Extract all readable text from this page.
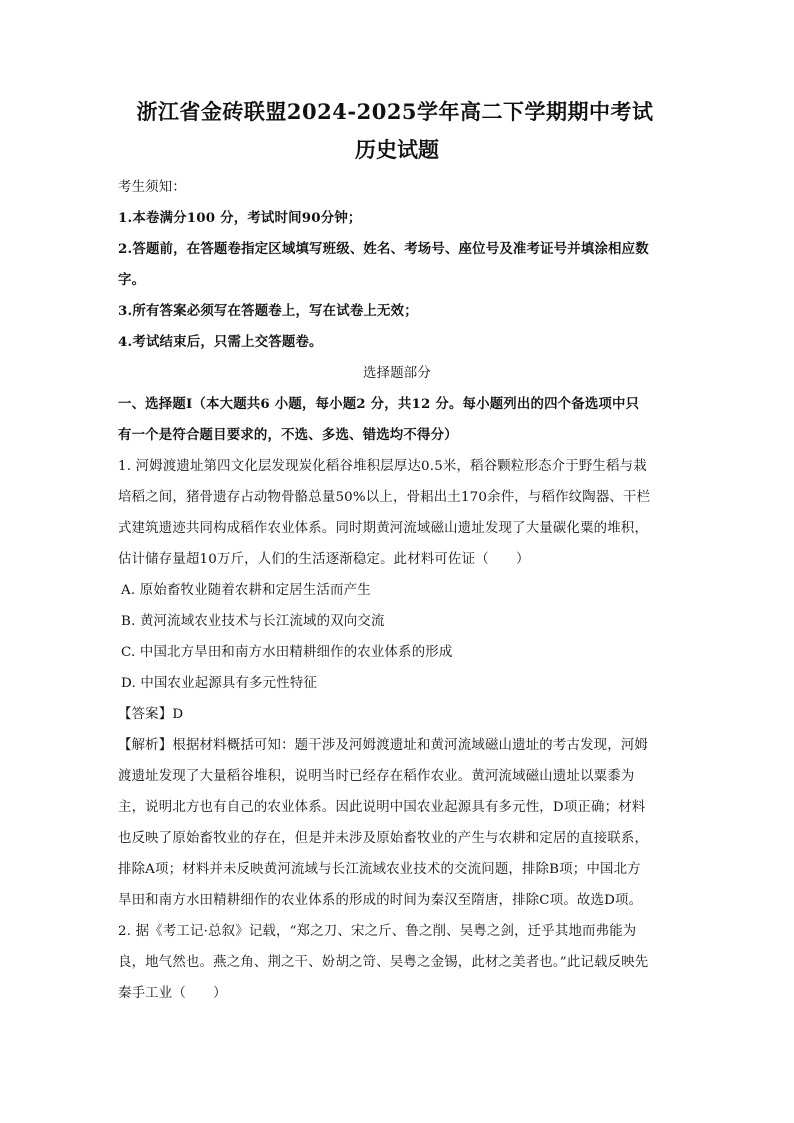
浙江省金砖联盟2024-2025学年高二下学期期中考试
历史试题
考生须知：
1.本卷满分100 分，考试时间90分钟；
2.答题前，在答题卷指定区域填写班级、姓名、考场号、座位号及准考证号并填涂相应数
字。
3.所有答案必须写在答题卷上，写在试卷上无效；
4.考试结束后，只需上交答题卷。
选择题部分
一、选择题Ⅰ（本大题共6 小题，每小题2 分，共12 分。每小题列出的四个备选项中只
有一个是符合题目要求的，不选、多选、错选均不得分）
1. 河姆渡遗址第四文化层发现炭化稻谷堆积层厚达0.5米，稻谷颗粒形态介于野生稻与栽
培稻之间，猪骨遗存占动物骨骼总量50%以上，骨耜出土170余件，与稻作纹陶器、干栏
式建筑遗迹共同构成稻作农业体系。同时期黄河流域磁山遗址发现了大量碳化粟的堆积，
估计储存量超10万斤，人们的生活逐渐稳定。此材料可佐证（　　）
A. 原始畜牧业随着农耕和定居生活而产生
B. 黄河流域农业技术与长江流域的双向交流
C. 中国北方旱田和南方水田精耕细作的农业体系的形成
D. 中国农业起源具有多元性特征
【答案】D
【解析】根据材料概括可知：题干涉及河姆渡遗址和黄河流域磁山遗址的考古发现，河姆
渡遗址发现了大量稻谷堆积，说明当时已经存在稻作农业。黄河流域磁山遗址以粟黍为
主，说明北方也有自己的农业体系。因此说明中国农业起源具有多元性，D项正确；材料
也反映了原始畜牧业的存在，但是并未涉及原始畜牧业的产生与农耕和定居的直接联系，
排除A项；材料并未反映黄河流域与长江流域农业技术的交流问题，排除B项；中国北方
旱田和南方水田精耕细作的农业体系的形成的时间为秦汉至隋唐，排除C项。故选D项。
2. 据《考工记·总叙》记载，“郑之刀、宋之斤、鲁之削、吴粤之剑，迁乎其地而弗能为
良，地气然也。燕之角、荆之干、妢胡之笴、吴粤之金锡，此材之美者也。”此记载反映先
秦手工业（　　）
